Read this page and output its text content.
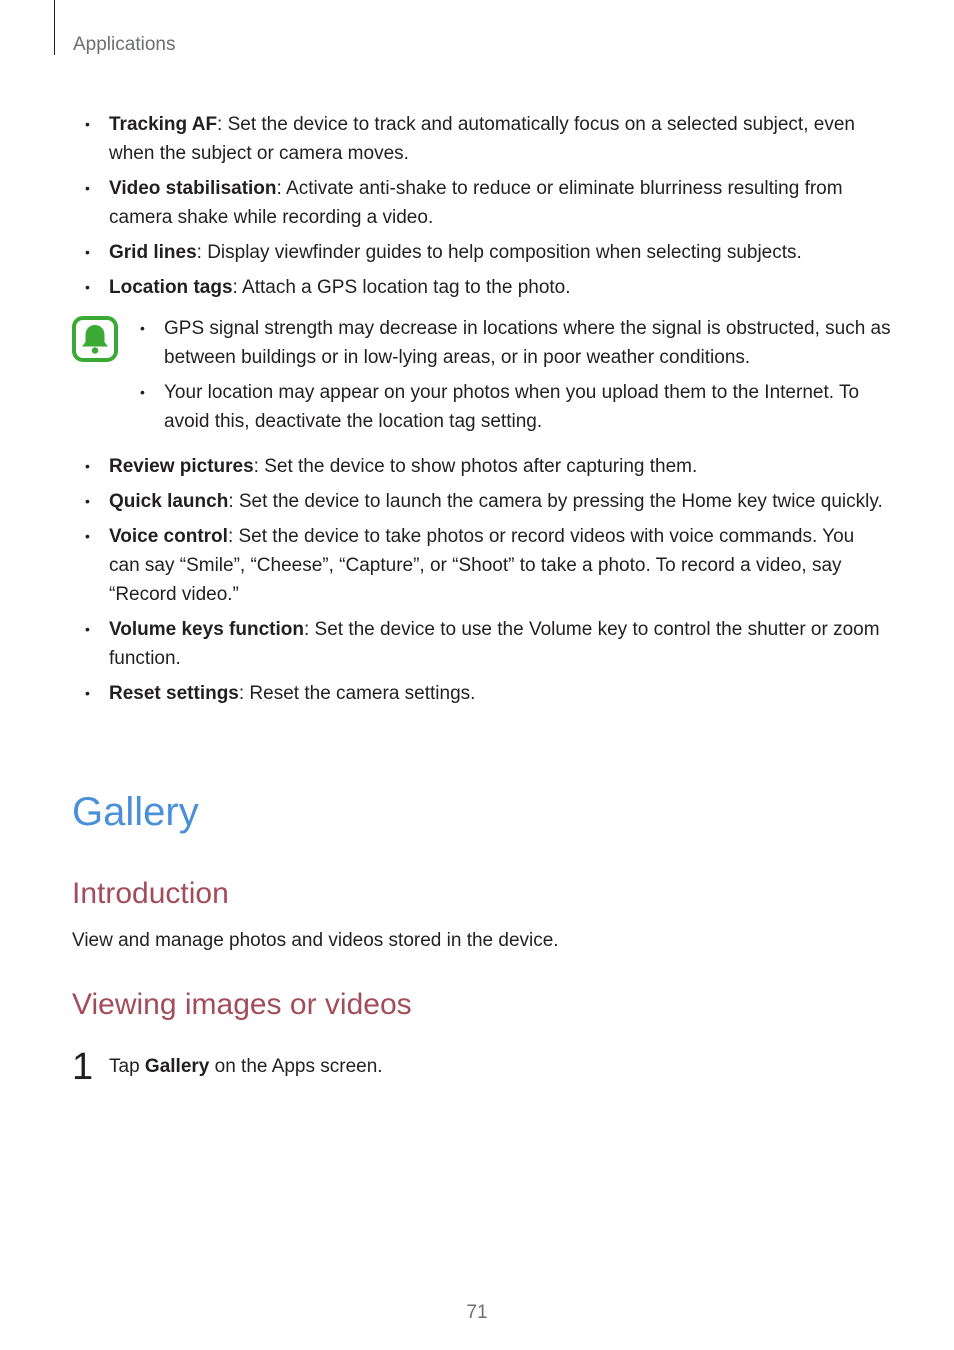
Applications
• Tracking AF: Set the device to track and automatically focus on a selected subject, even when the subject or camera moves.
• Video stabilisation: Activate anti-shake to reduce or eliminate blurriness resulting from camera shake while recording a video.
• Grid lines: Display viewfinder guides to help composition when selecting subjects.
• Location tags: Attach a GPS location tag to the photo.
• GPS signal strength may decrease in locations where the signal is obstructed, such as between buildings or in low-lying areas, or in poor weather conditions.
• Your location may appear on your photos when you upload them to the Internet. To avoid this, deactivate the location tag setting.
• Review pictures: Set the device to show photos after capturing them.
• Quick launch: Set the device to launch the camera by pressing the Home key twice quickly.
• Voice control: Set the device to take photos or record videos with voice commands. You can say “Smile”, “Cheese”, “Capture”, or “Shoot” to take a photo. To record a video, say “Record video.”
• Volume keys function: Set the device to use the Volume key to control the shutter or zoom function.
• Reset settings: Reset the camera settings.
Gallery
Introduction

View and manage photos and videos stored in the device.

Viewing images or videos
1 Tap Gallery on the Apps screen.
71
